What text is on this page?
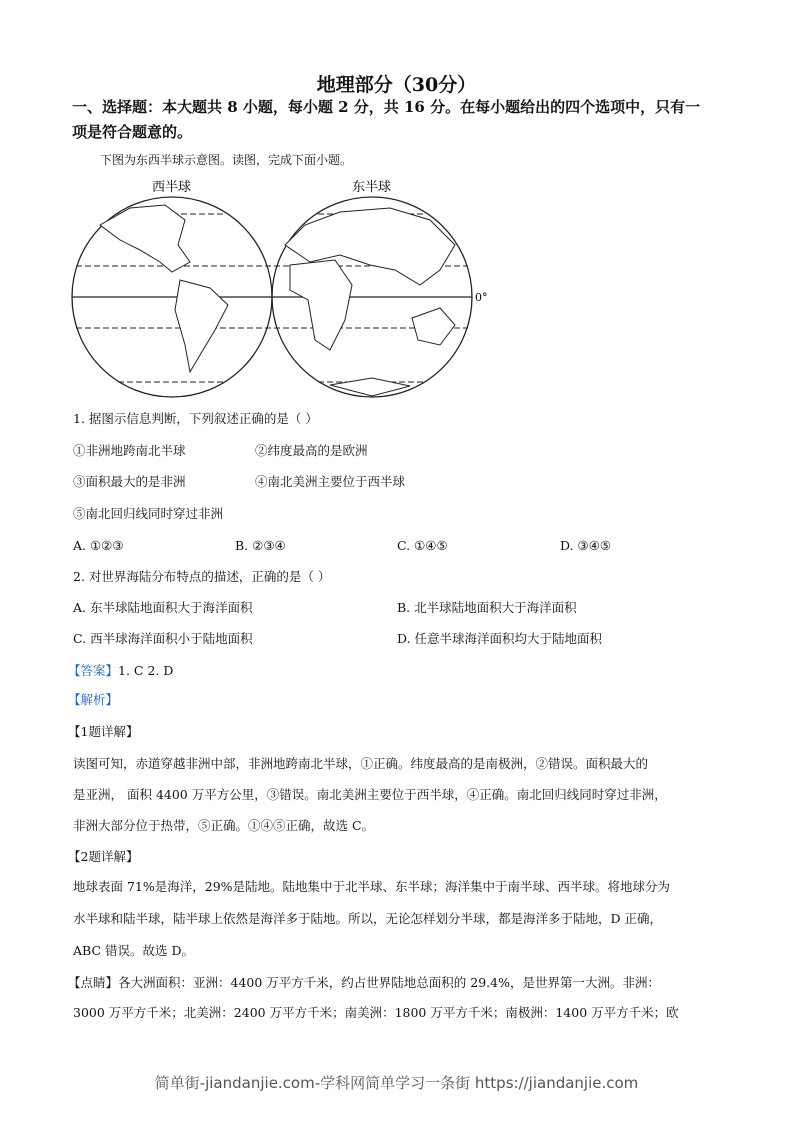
地理部分（30分）
一、选择题：本大题共 8 小题，每小题 2 分，共 16 分。在每小题给出的四个选项中，只有一
项是符合题意的。
下图为东西半球示意图。读图，完成下面小题。
西半球	东半球
0°
1. 据图示信息判断，下列叙述正确的是（ ）
①非洲地跨南北半球	②纬度最高的是欧洲
③面积最大的是非洲	④南北美洲主要位于西半球
⑤南北回归线同时穿过非洲
A. ①②③	B. ②③④	C. ①④⑤	D. ③④⑤
2. 对世界海陆分布特点的描述，正确的是（ ）
A. 东半球陆地面积大于海洋面积	B. 北半球陆地面积大于海洋面积
C. 西半球海洋面积小于陆地面积	D. 任意半球海洋面积均大于陆地面积
【答案】1. C 2. D
【解析】
【1题详解】
读图可知，赤道穿越非洲中部，非洲地跨南北半球，①正确。纬度最高的是南极洲，②错误。面积最大的
是亚洲， 面积 4400 万平方公里，③错误。南北美洲主要位于西半球，④正确。南北回归线同时穿过非洲，
非洲大部分位于热带，⑤正确。①④⑤正确，故选 C。
【2题详解】
地球表面 71%是海洋，29%是陆地。陆地集中于北半球、东半球；海洋集中于南半球、西半球。将地球分为
水半球和陆半球，陆半球上依然是海洋多于陆地。所以，无论怎样划分半球，都是海洋多于陆地，D 正确，
ABC 错误。故选 D。
【点睛】各大洲面积：亚洲：4400 万平方千米，约占世界陆地总面积的 29.4%，是世界第一大洲。非洲：
3000 万平方千米；北美洲：2400 万平方千米；南美洲：1800 万平方千米；南极洲：1400 万平方千米；欧
简单街-jiandanjie.com-学科网简单学习一条街 https://jiandanjie.com
